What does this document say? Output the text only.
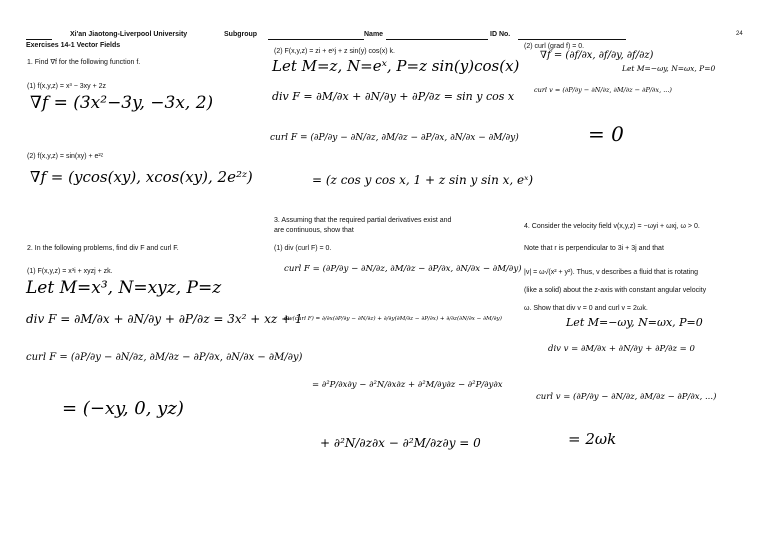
Xi'an Jiaotong-Liverpool University	Subgroup	Name	ID No.	24
Exercises 14-1 Vector Fields
1. Find ∇f for the following function f.
(1) f(x,y,z) = x³ − 3xy + 2z
∇f = (3x²−3y, −3x, 2)
(2) f(x,y,z) = sin(xy) + e²ᶻ
∇f = (ycos(xy), xcos(xy), 2e²ᶻ)
2. In the following problems, find div F and curl F.
(1) F(x,y,z) = x³i + xyzj + zk.
Let M=x³, N=xyz, P=z
div F = ∂M/∂x + ∂N/∂y + ∂P/∂z = 3x² + xz + 1
curl F = (∂P/∂y − ∂N/∂z, ∂M/∂z − ∂P/∂x, ∂N/∂x − ∂M/∂y)
= (−xy, 0, yz)
(2) F(x,y,z) = zi + eˣj + z sin(y) cos(x) k.
Let M=z, N=eˣ, P=z sin(y)cos(x)
div F = ∂M/∂x + ∂N/∂y + ∂P/∂z = sin y cos x
curl F = (∂P/∂y − ∂N/∂z, ∂M/∂z − ∂P/∂x, ∂N/∂x − ∂M/∂y)
= (z cos y cos x, 1 + z sin y sin x, eˣ)
3. Assuming that the required partial derivatives exist and
are continuous, show that
(1) div (curl F) = 0.
curl F = (∂P/∂y − ∂N/∂z, ∂M/∂z − ∂P/∂x, ∂N/∂x − ∂M/∂y)
div(curl F) = ∂/∂x(∂P/∂y − ∂N/∂z) + ∂/∂y(∂M/∂z − ∂P/∂x) + ∂/∂z(∂N/∂x − ∂M/∂y)
= ∂²P/∂x∂y − ∂²N/∂x∂z + ∂²M/∂y∂z − ∂²P/∂y∂x
+ ∂²N/∂z∂x − ∂²M/∂z∂y = 0
(2) curl (grad f) = 0.
∇f = (∂f/∂x, ∂f/∂y, ∂f/∂z)
Let M=−ωy, N=ωx, P=0
curl v = (∂P/∂y − ∂N/∂z, ∂M/∂z − ∂P/∂x, ...)
= 0
4. Consider the velocity field v(x,y,z) = −ωyi + ωxj, ω > 0.
Note that r is perpendicular to 3i + 3j and that
|v| = ω√(x² + y²). Thus, v describes a fluid that is rotating
(like a solid) about the z-axis with constant angular velocity
ω. Show that div v = 0 and curl v = 2ωk.
Let M=−ωy, N=ωx, P=0
div v = ∂M/∂x + ∂N/∂y + ∂P/∂z = 0
curl v = (∂P/∂y − ∂N/∂z, ∂M/∂z − ∂P/∂x, ...)
= 2ωk
